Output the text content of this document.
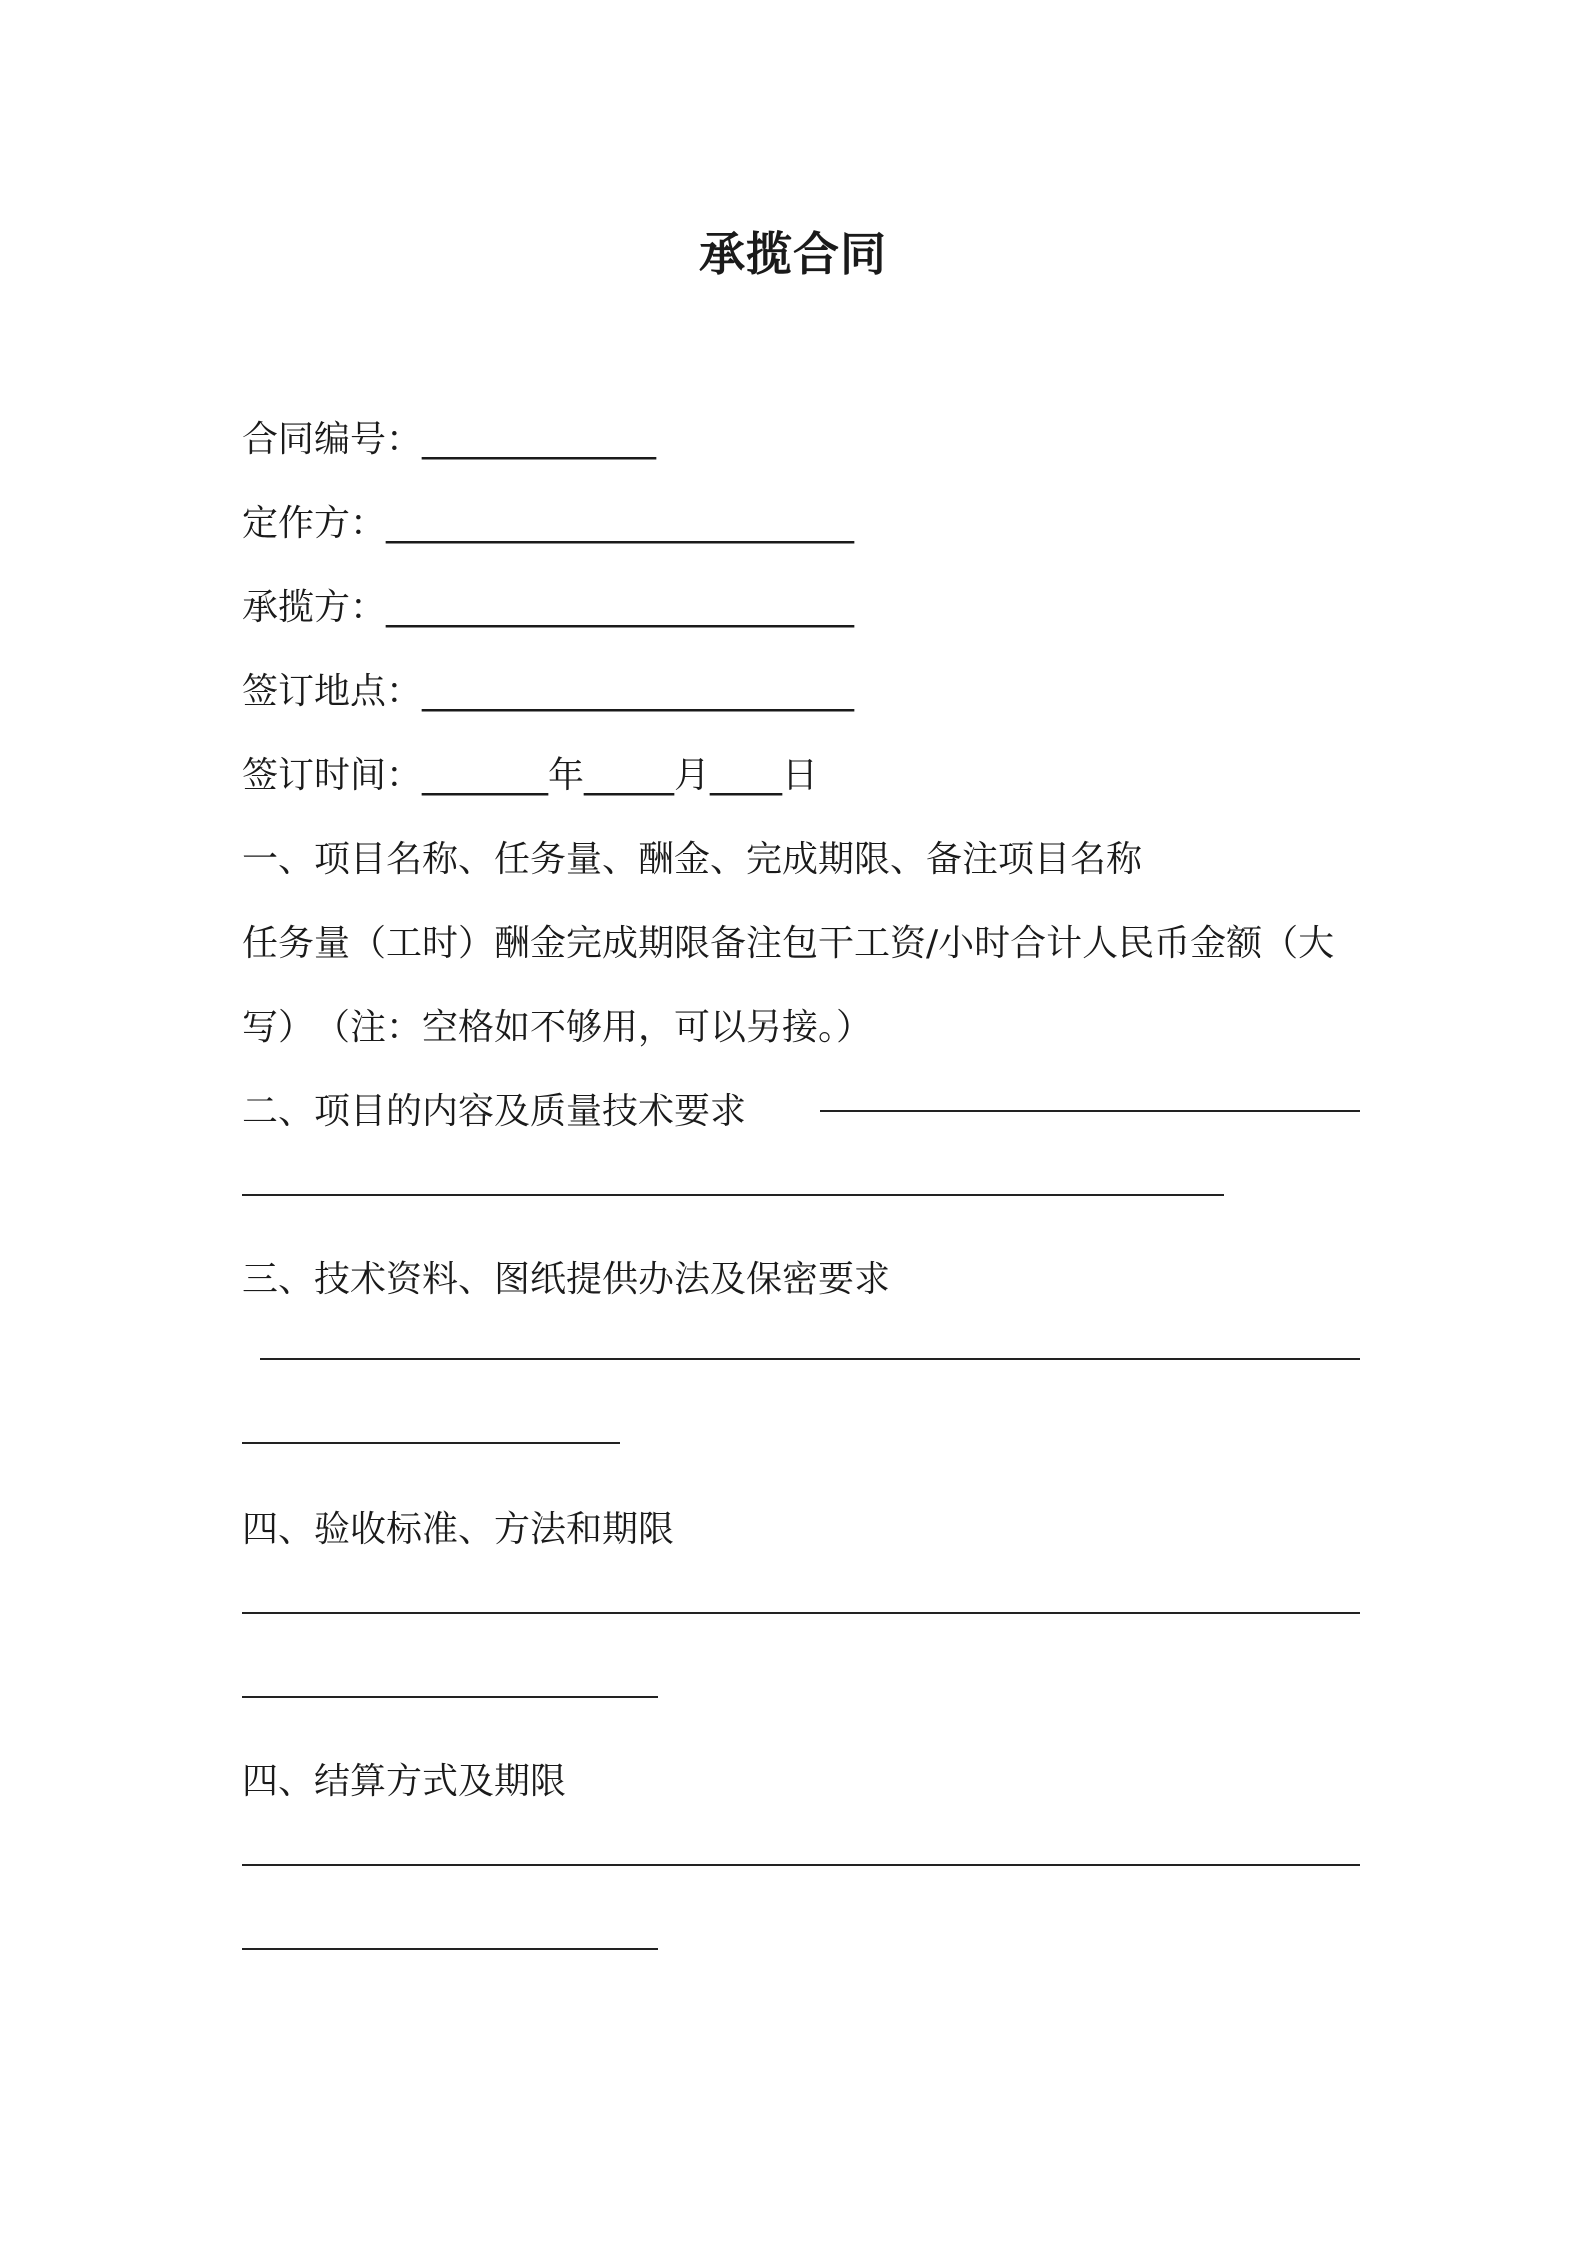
承揽合同
合同编号：_____________
定作方：__________________________
承揽方：__________________________
签订地点：________________________
签订时间：_______年_____月____日
一、项目名称、任务量、酬金、完成期限、备注项目名称
任务量（工时）酬金完成期限备注包干工资/小时合计人民币金额（大
写）　（注：空格如不够用，可以另接。）
二、项目的内容及质量技术要求
三、技术资料、图纸提供办法及保密要求
四、验收标准、方法和期限
四、结算方式及期限
